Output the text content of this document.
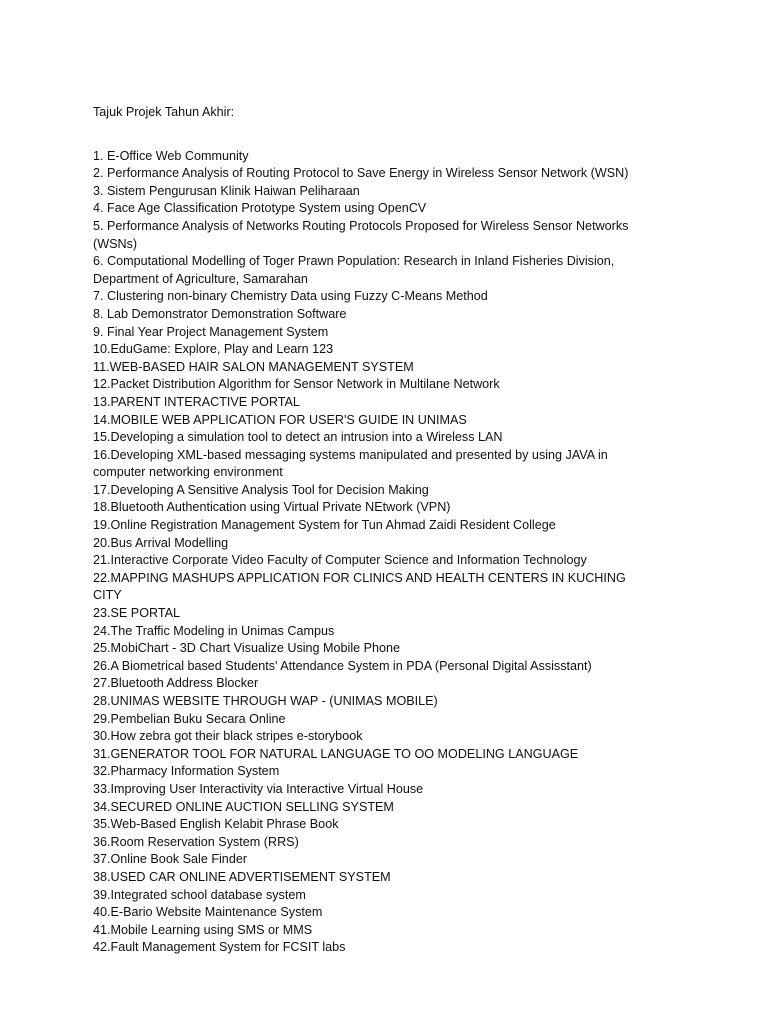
Tajuk Projek Tahun Akhir:

1. E-Office Web Community
2. Performance Analysis of Routing Protocol to Save Energy in Wireless Sensor Network (WSN)
3. Sistem Pengurusan Klinik Haiwan Peliharaan
4. Face Age Classification Prototype System using OpenCV
5. Performance Analysis of Networks Routing Protocols Proposed for Wireless Sensor Networks (WSNs)
6. Computational Modelling of Toger Prawn Population: Research in Inland Fisheries Division, Department of Agriculture, Samarahan
7. Clustering non-binary Chemistry Data using Fuzzy C-Means Method
8. Lab Demonstrator Demonstration Software
9. Final Year Project Management System
10.EduGame: Explore, Play and Learn 123
11.WEB-BASED HAIR SALON MANAGEMENT SYSTEM
12.Packet Distribution Algorithm for Sensor Network in Multilane Network
13.PARENT INTERACTIVE PORTAL
14.MOBILE WEB APPLICATION FOR USER'S GUIDE IN UNIMAS
15.Developing a simulation tool to detect an intrusion into a Wireless LAN
16.Developing XML-based messaging systems manipulated and presented by using JAVA in computer networking environment
17.Developing A Sensitive Analysis Tool for Decision Making
18.Bluetooth Authentication using Virtual Private NEtwork (VPN)
19.Online Registration Management System for Tun Ahmad Zaidi Resident College
20.Bus Arrival Modelling
21.Interactive Corporate Video Faculty of Computer Science and Information Technology
22.MAPPING MASHUPS APPLICATION FOR CLINICS AND HEALTH CENTERS IN KUCHING CITY
23.SE PORTAL
24.The Traffic Modeling in Unimas Campus
25.MobiChart - 3D Chart Visualize Using Mobile Phone
26.A Biometrical based Students' Attendance System in PDA (Personal Digital Assisstant)
27.Bluetooth Address Blocker
28.UNIMAS WEBSITE THROUGH WAP - (UNIMAS MOBILE)
29.Pembelian Buku Secara Online
30.How zebra got their black stripes e-storybook
31.GENERATOR TOOL FOR NATURAL LANGUAGE TO OO MODELING LANGUAGE
32.Pharmacy Information System
33.Improving User Interactivity via Interactive Virtual House
34.SECURED ONLINE AUCTION SELLING SYSTEM
35.Web-Based English Kelabit Phrase Book
36.Room Reservation System (RRS)
37.Online Book Sale Finder
38.USED CAR ONLINE ADVERTISEMENT SYSTEM
39.Integrated school database system
40.E-Bario Website Maintenance System
41.Mobile Learning using SMS or MMS
42.Fault Management System for FCSIT labs
